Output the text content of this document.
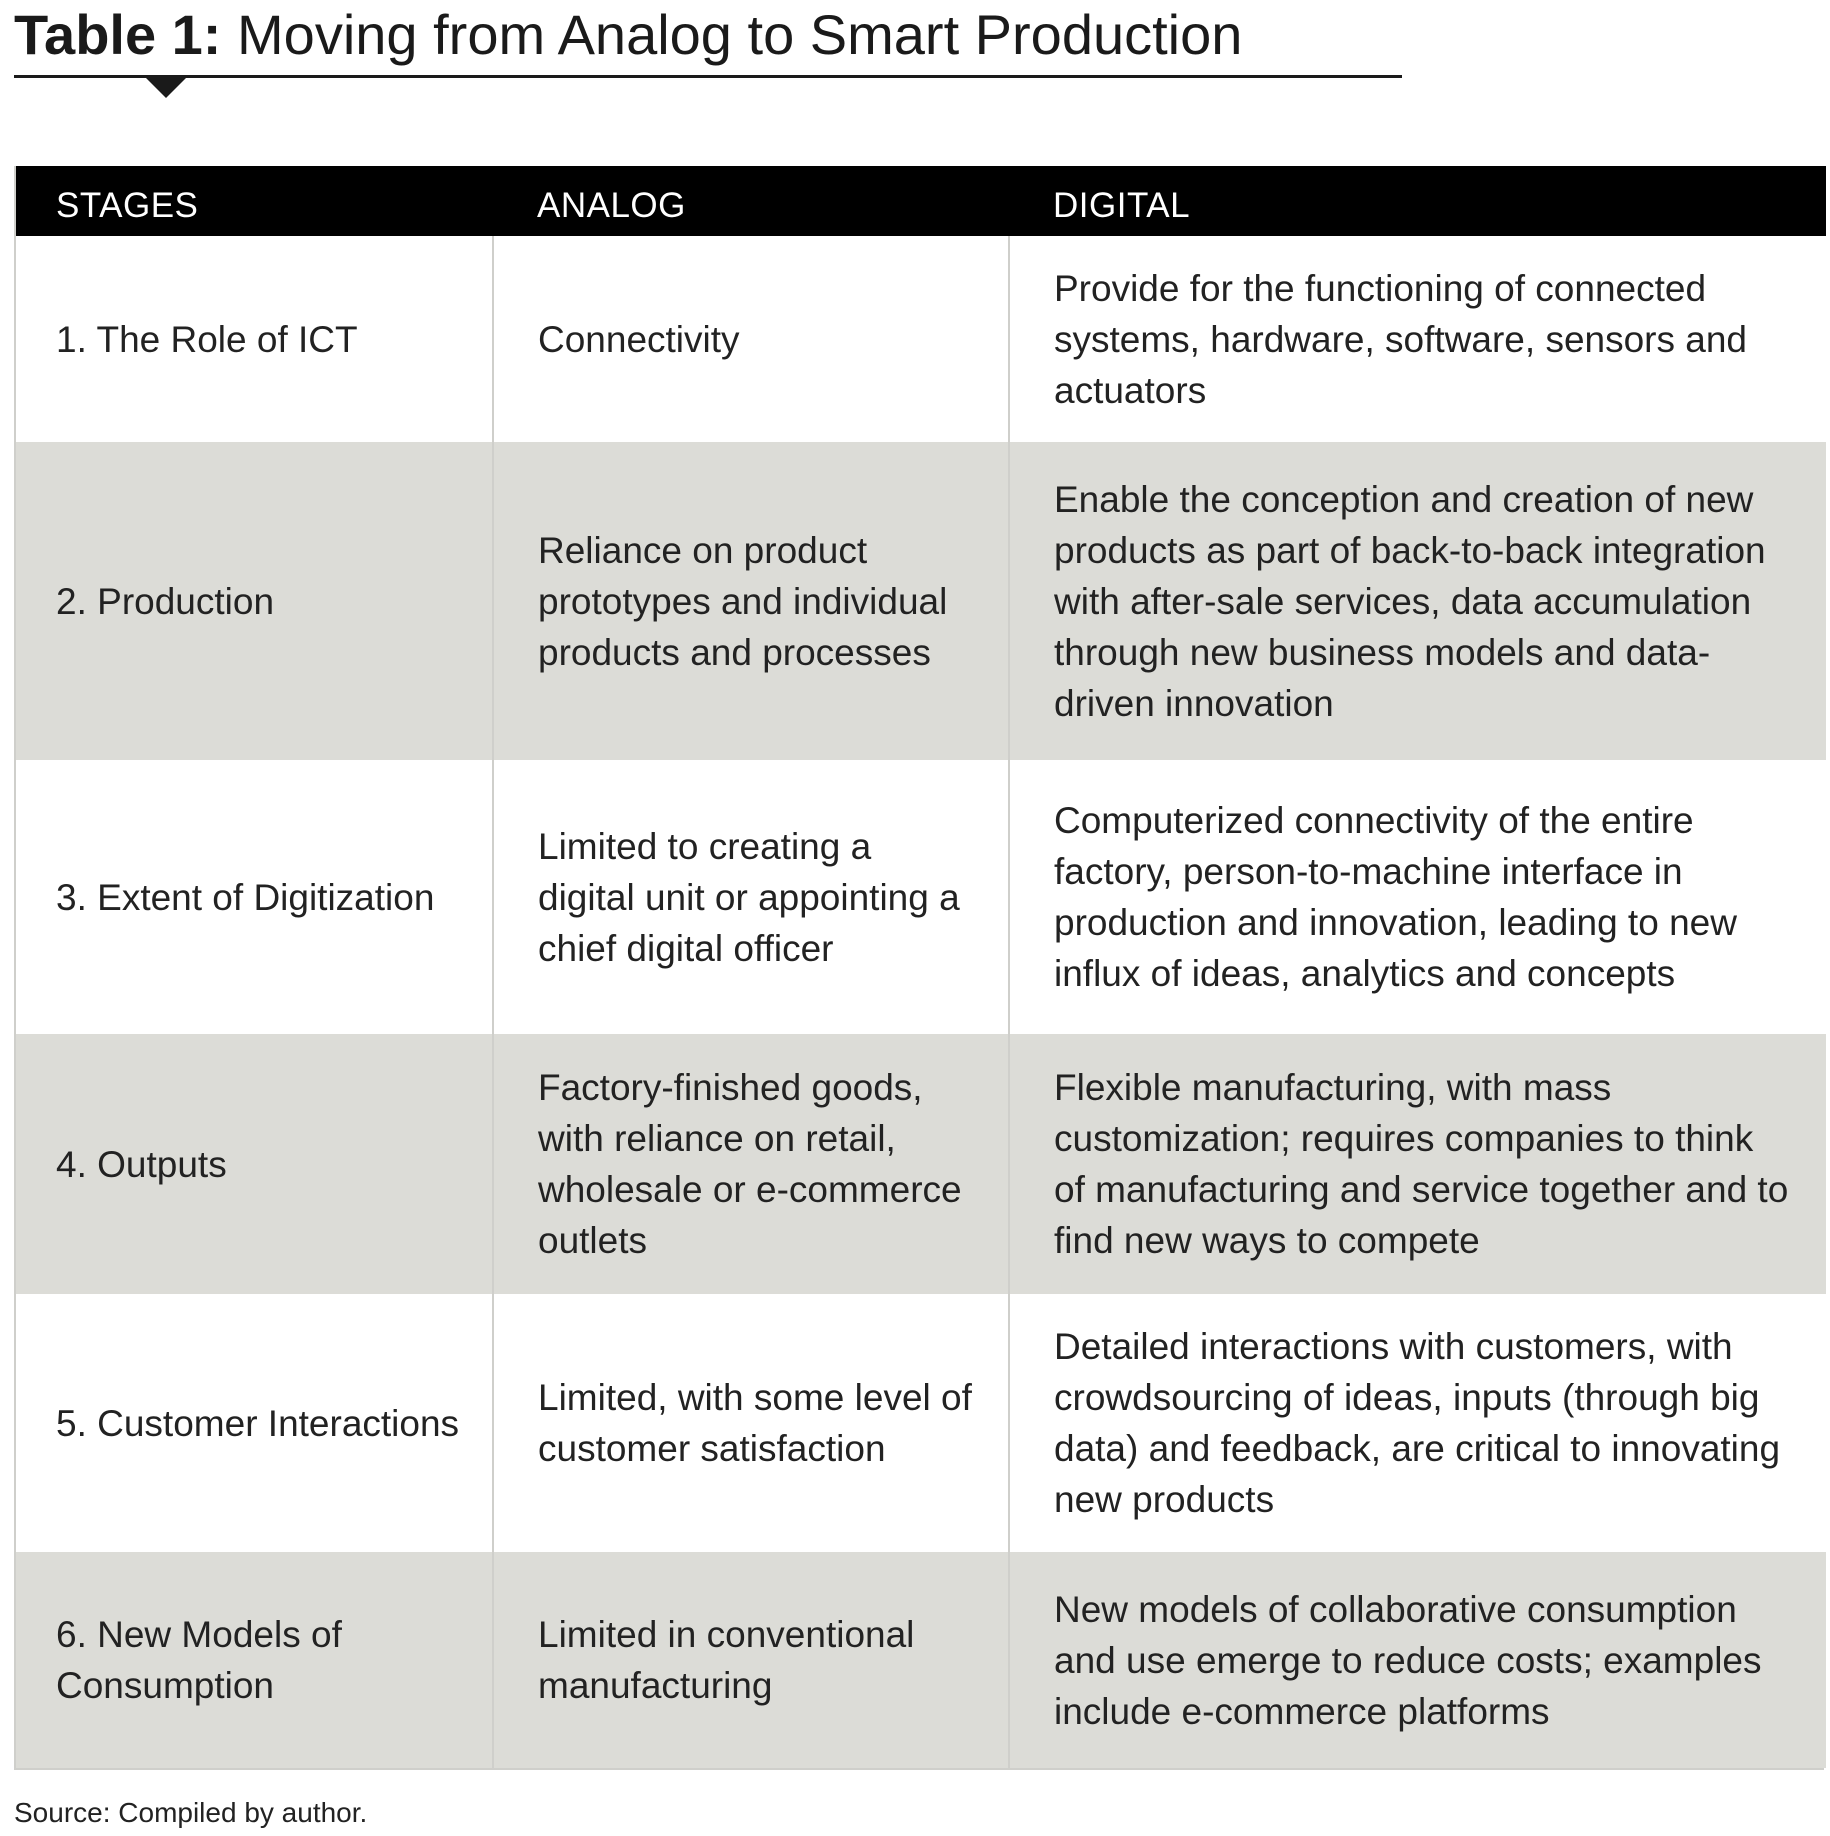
Table 1: Moving from Analog to Smart Production
STAGES	ANALOG	DIGITAL
1. The Role of ICT	Connectivity	Provide for the functioning of connected systems, hardware, software, sensors and actuators
2. Production	Reliance on product prototypes and individual products and processes	Enable the conception and creation of new products as part of back-to-back integration with after-sale services, data accumulation through new business models and data-driven innovation
3. Extent of Digitization	Limited to creating a digital unit or appointing a chief digital officer	Computerized connectivity of the entire factory, person-to-machine interface in production and innovation, leading to new influx of ideas, analytics and concepts
4. Outputs	Factory-finished goods, with reliance on retail, wholesale or e-commerce outlets	Flexible manufacturing, with mass customization; requires companies to think of manufacturing and service together and to find new ways to compete
5. Customer Interactions	Limited, with some level of customer satisfaction	Detailed interactions with customers, with crowdsourcing of ideas, inputs (through big data) and feedback, are critical to innovating new products
6. New Models of Consumption	Limited in conventional manufacturing	New models of collaborative consumption and use emerge to reduce costs; examples include e-commerce platforms
Source: Compiled by author.
